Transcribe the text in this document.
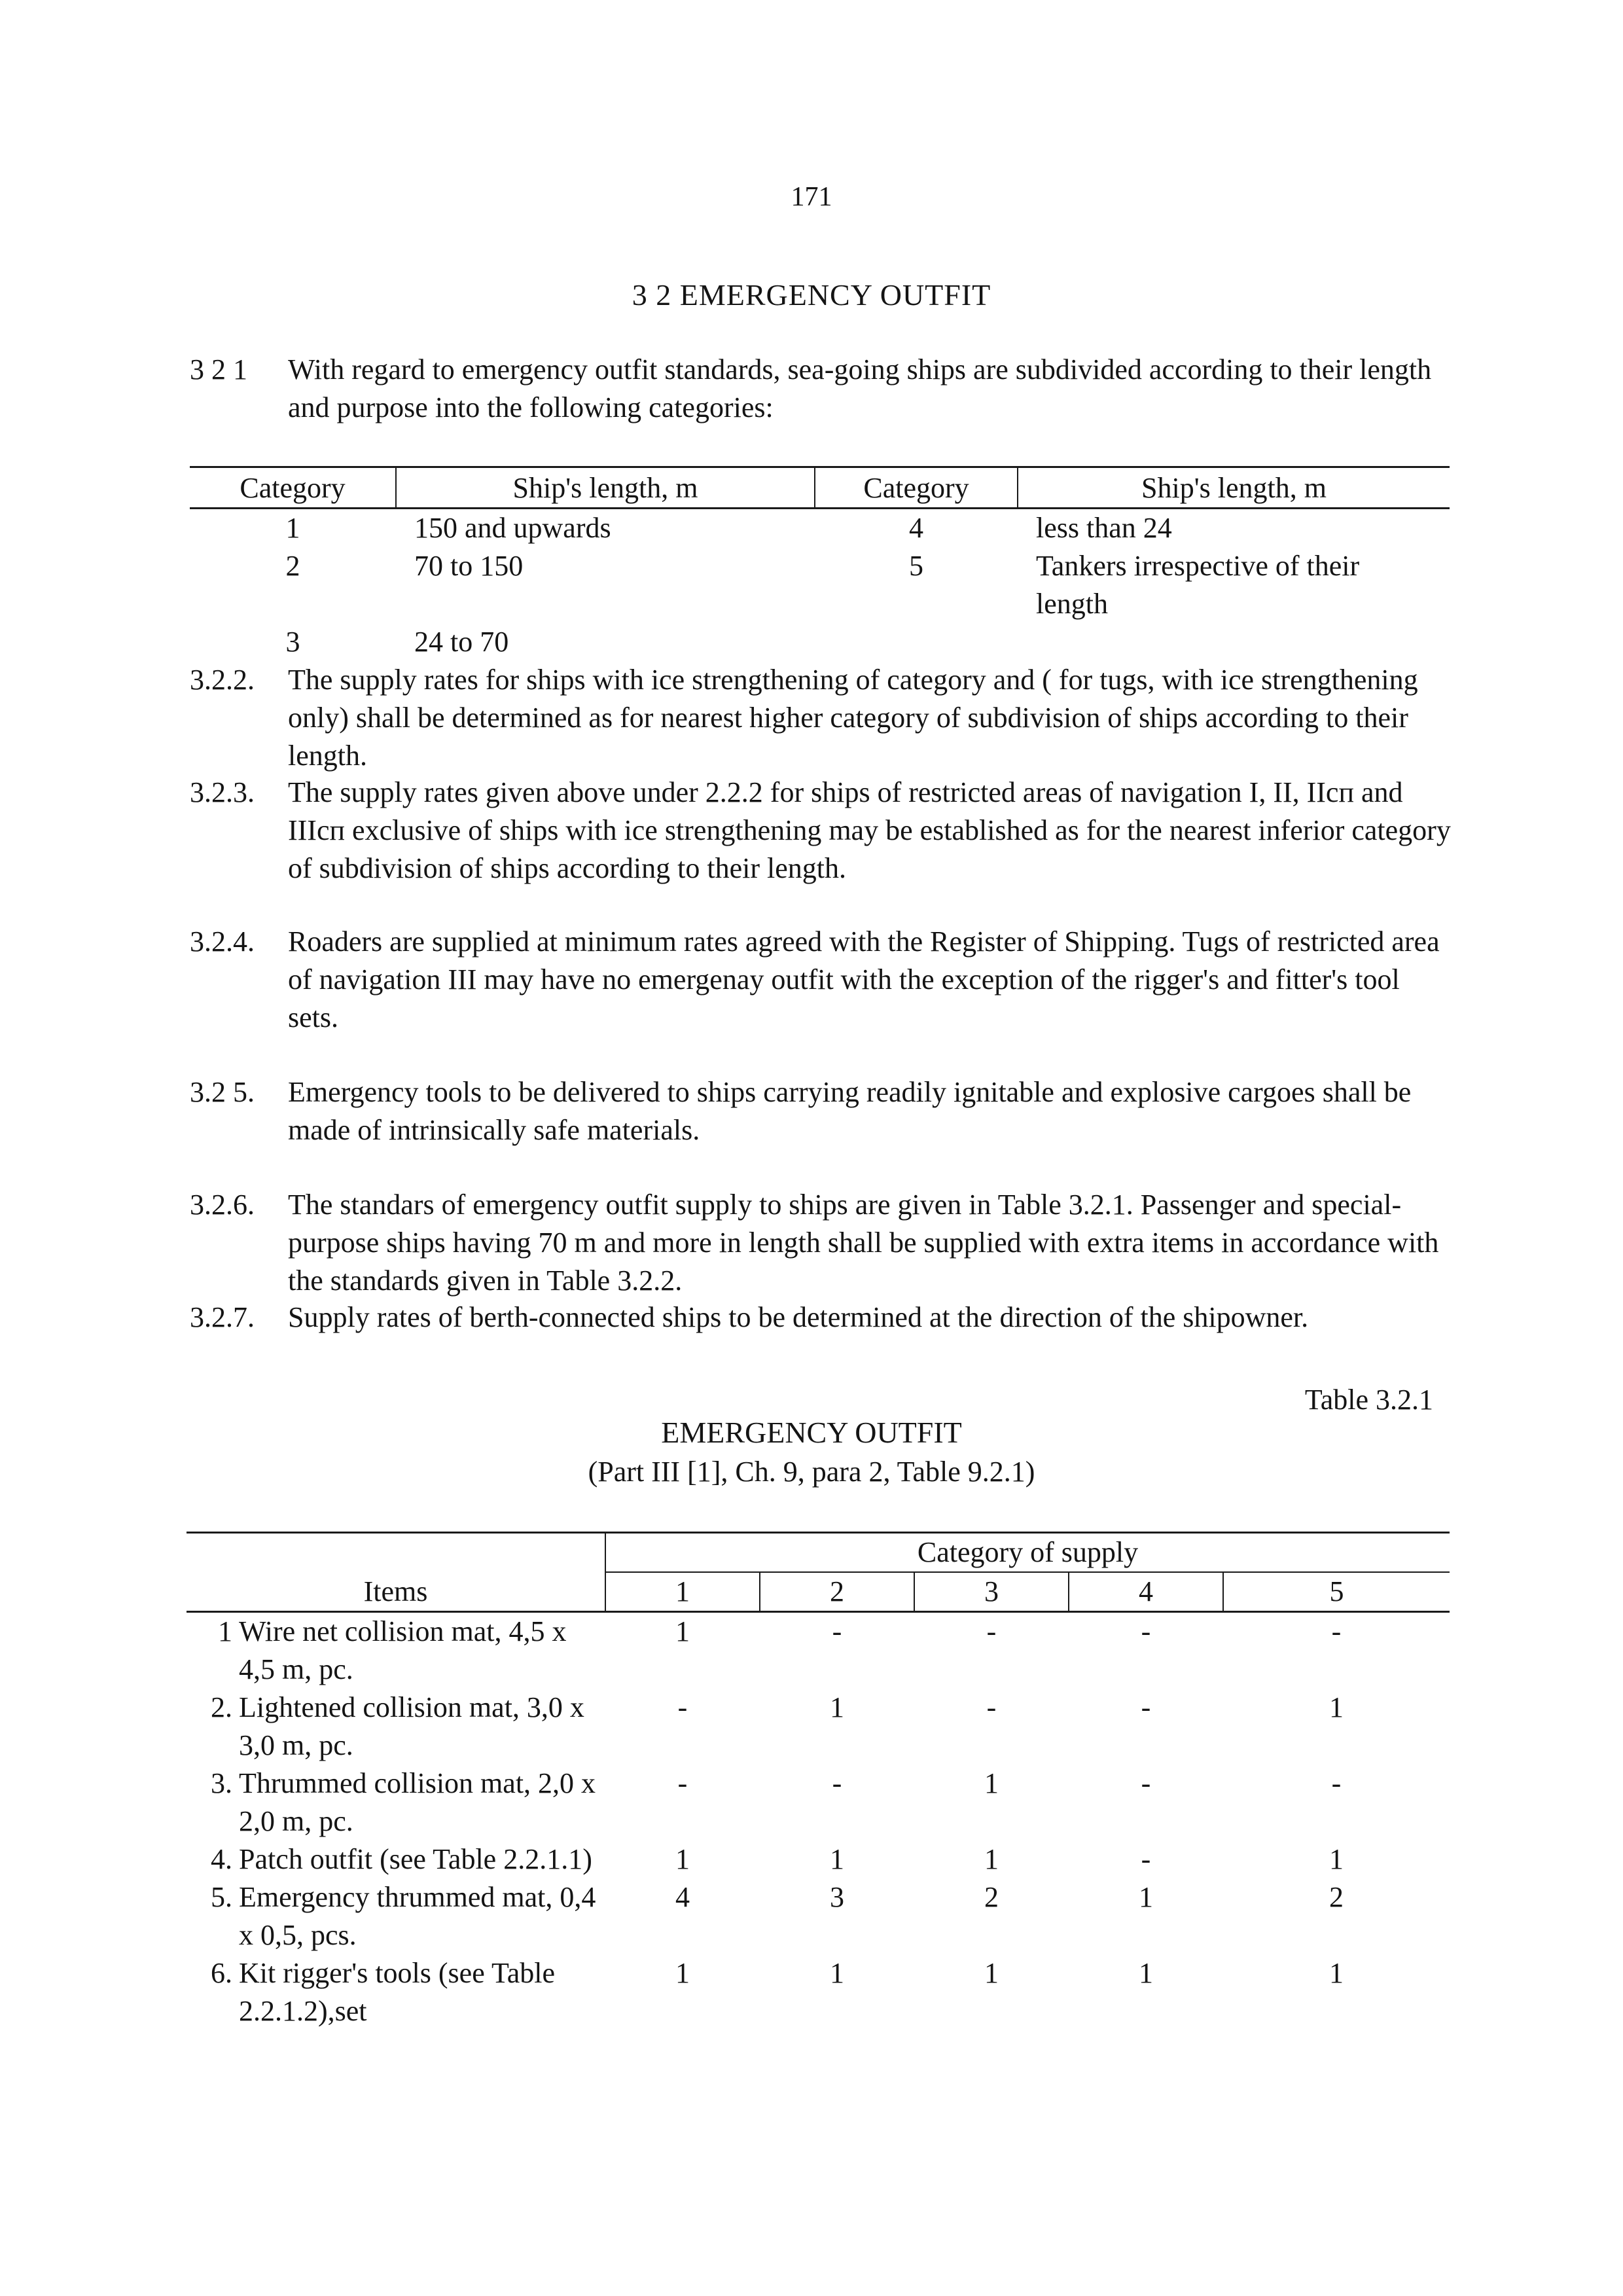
171
3 2 EMERGENCY OUTFIT
3 2 1 With regard to emergency outfit standards, sea-going ships are subdivided according to their length and purpose into the following categories:

Category	Ship's length, m	Category	Ship's length, m
1	150 and upwards	4	less than 24
2	70 to 150	5	Tankers irrespective of their length
3	24 to 70		
3.2.2. The supply rates for ships with ice strengthening of category and ( for tugs, with ice strengthening only) shall be determined as for nearest higher category of subdivision of ships according to their length.

3.2.3. The supply rates given above under 2.2.2 for ships of restricted areas of navigation I, II, IIсп and IIIсп exclusive of ships with ice strengthening may be established as for the nearest inferior category of subdivision of ships according to their length.

3.2.4. Roaders are supplied at minimum rates agreed with the Register of Shipping. Tugs of restricted area of navigation III may have no emergenay outfit with the exception of the rigger's and fitter's tool sets.

3.2 5. Emergency tools to be delivered to ships carrying readily ignitable and explosive cargoes shall be made of intrinsically safe materials.

3.2.6. The standars of emergency outfit supply to ships are given in Table 3.2.1. Passenger and special-purpose ships having 70 m and more in length shall be supplied with extra items in accordance with the standards given in Table 3.2.2.

3.2.7. Supply rates of berth-connected ships to be determined at the direction of the shipowner.

Table 3.2.1
EMERGENCY OUTFIT
(Part III [1], Ch. 9, para 2, Table 9.2.1)
Items	Category of supply				
	1	2	3	4	5

1 Wire net collision mat, 4,5 x 4,5 m, pc.	1	-	-	-	-

2. Lightened collision mat, 3,0 x 3,0 m, pc.	-	1	-	-	1

3. Thrummed collision mat, 2,0 x 2,0 m, pc.	-	-	1	-	-

4. Patch outfit (see Table 2.2.1.1)	1	1	1	-	1

5. Emergency thrummed mat, 0,4 x 0,5, pcs.	4	3	2	1	2

6. Kit rigger's tools (see Table 2.2.1.2),set	1	1	1	1	1
